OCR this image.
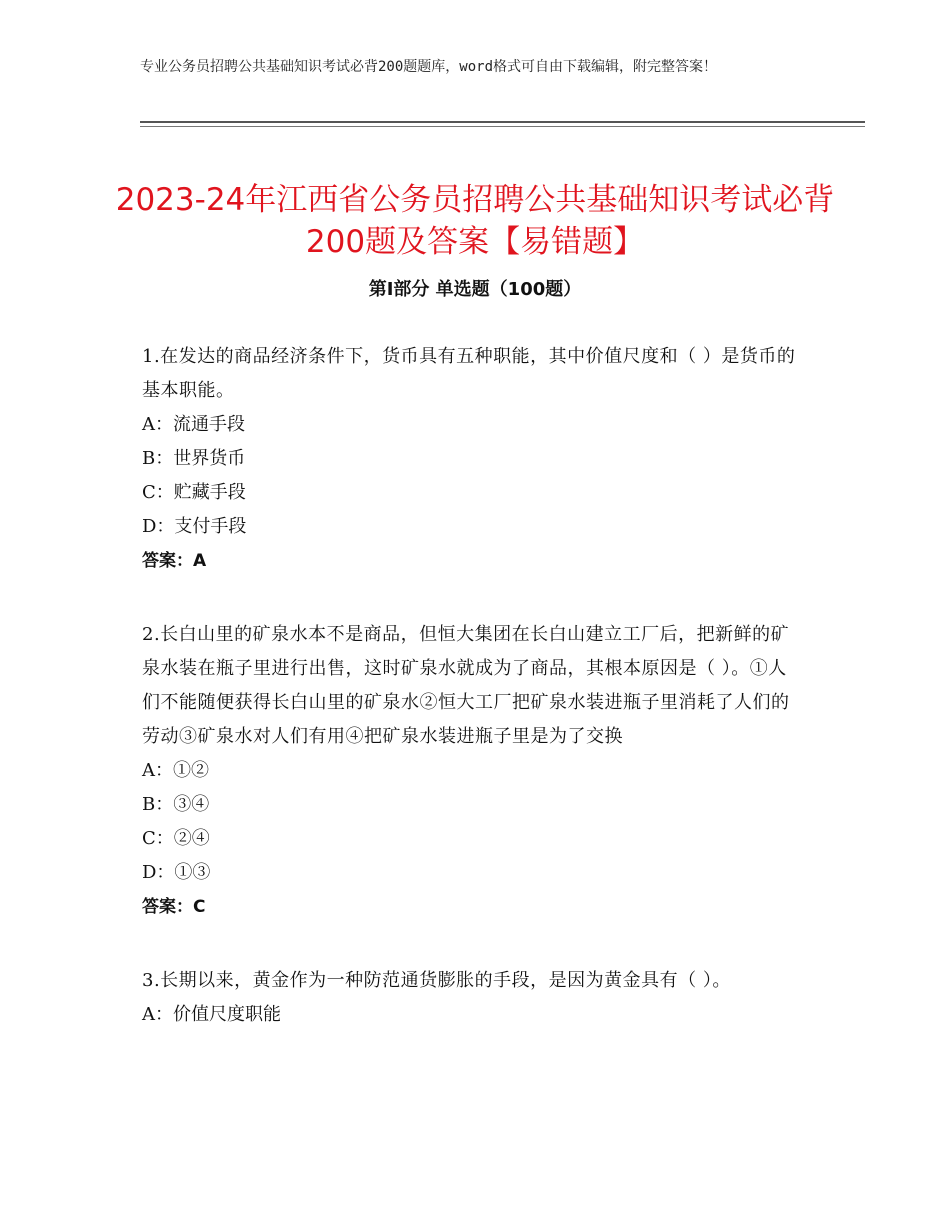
专业公务员招聘公共基础知识考试必背200题题库，word格式可自由下载编辑，附完整答案！
2023-24年江西省公务员招聘公共基础知识考试必背200题及答案【易错题】
第Ⅰ部分 单选题（100题）

1.在发达的商品经济条件下，货币具有五种职能，其中价值尺度和（ ）是货币的基本职能。

A：流通手段

B：世界货币

C：贮藏手段

D：支付手段

答案：A

2.长白山里的矿泉水本不是商品，但恒大集团在长白山建立工厂后，把新鲜的矿泉水装在瓶子里进行出售，这时矿泉水就成为了商品，其根本原因是（ ）。①人们不能随便获得长白山里的矿泉水②恒大工厂把矿泉水装进瓶子里消耗了人们的劳动③矿泉水对人们有用④把矿泉水装进瓶子里是为了交换

A：①②

B：③④

C：②④

D：①③

答案：C

3.长期以来，黄金作为一种防范通货膨胀的手段，是因为黄金具有（ ）。

A：价值尺度职能
